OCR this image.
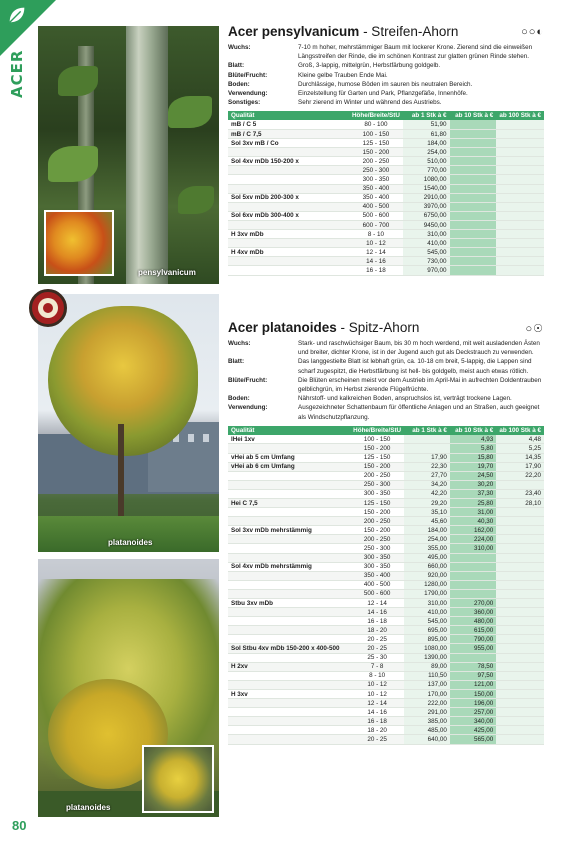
ACER
pensylvanicum
platanoides
platanoides
Acer pensylvanicum - Streifen-Ahorn	○○◐
Wuchs:	7-10 m hoher, mehrstämmiger Baum mit lockerer Krone. Zierend sind die einweißen Längsstreifen der Rinde, die im schönen Kontrast zur glatten grünen Rinde stehen.
Blatt:	Groß, 3-lappig, mittelgrün, Herbstfärbung goldgelb.
Blüte/Frucht:	Kleine gelbe Trauben Ende Mai.
Boden:	Durchlässige, humose Böden im sauren bis neutralen Bereich.
Verwendung:	Einzelstellung für Garten und Park, Pflanzgefäße, Innenhöfe.
Sonstiges:	Sehr zierend im Winter und während des Austriebs.
Qualität	Höhe/Breite/StU	ab 1 Stk à €	ab 10 Stk à €	ab 100 Stk à €
mB / C 5	80 - 100	51,90		
mB / C 7,5	100 - 150	61,80		
Sol 3xv mB / Co	125 - 150	184,00		
	150 - 200	254,00		
Sol 4xv mDb 150-200 x	200 - 250	510,00		
	250 - 300	770,00		
	300 - 350	1080,00		
	350 - 400	1540,00		
Sol 5xv mDb 200-300 x	350 - 400	2910,00		
	400 - 500	3970,00		
Sol 6xv mDb 300-400 x	500 - 600	6750,00		
	600 - 700	9450,00		
H 3xv mDb	8 - 10	310,00		
	10 - 12	410,00		
H 4xv mDb	12 - 14	545,00		
	14 - 16	730,00		
	16 - 18	970,00		
Acer platanoides - Spitz-Ahorn	○☉
Wuchs:	Stark- und raschwüchsiger Baum, bis 30 m hoch werdend, mit weit ausladenden Ästen und breiter, dichter Krone, ist in der Jugend auch gut als Deckstrauch zu verwenden.
Blatt:	Das langgestielte Blatt ist lebhaft grün, ca. 10-18 cm breit, 5-lappig, die Lappen sind scharf zugespitzt, die Herbstfärbung ist hell- bis goldgelb, meist auch etwas rötlich.
Blüte/Frucht:	Die Blüten erscheinen meist vor dem Austrieb im April-Mai in aufrechten Doldentrauben gelblichgrün, im Herbst zierende Flügelfrüchte.
Boden:	Nährstoff- und kalkreichen Boden, anspruchslos ist, verträgt trockene Lagen.
Verwendung:	Ausgezeichneter Schattenbaum für öffentliche Anlagen und an Straßen, auch geeignet als Windschutzpflanzung.
Qualität	Höhe/Breite/StU	ab 1 Stk à €	ab 10 Stk à €	ab 100 Stk à €
lHei 1xv	100 - 150		4,93	4,48
	150 - 200		5,80	5,25
vHei ab 5 cm Umfang	125 - 150	17,90	15,80	14,35
vHei ab 6 cm Umfang	150 - 200	22,30	19,70	17,90
	200 - 250	27,70	24,50	22,20
	250 - 300	34,20	30,20	
	300 - 350	42,20	37,30	23,40
Hei C 7,5	125 - 150	29,20	25,80	28,10
	150 - 200	35,10	31,00	
	200 - 250	45,60	40,30	
Sol 3xv mDb mehrstämmig	150 - 200	184,00	162,00	
	200 - 250	254,00	224,00	
	250 - 300	355,00	310,00	
	300 - 350	495,00		
Sol 4xv mDb mehrstämmig	300 - 350	660,00		
	350 - 400	920,00		
	400 - 500	1280,00		
	500 - 600	1790,00		
Stbu 3xv mDb	12 - 14	310,00	270,00	
	14 - 16	410,00	360,00	
	16 - 18	545,00	480,00	
	18 - 20	695,00	615,00	
	20 - 25	895,00	790,00	
Sol Stbu 4xv mDb 150-200 x 400-500	20 - 25	1080,00	955,00	
	25 - 30	1390,00		
H 2xv	7 - 8	89,00	78,50	
	8 - 10	110,50	97,50	
	10 - 12	137,00	121,00	
H 3xv	10 - 12	170,00	150,00	
	12 - 14	222,00	196,00	
	14 - 16	291,00	257,00	
	16 - 18	385,00	340,00	
	18 - 20	485,00	425,00	
	20 - 25	640,00	565,00	
80
